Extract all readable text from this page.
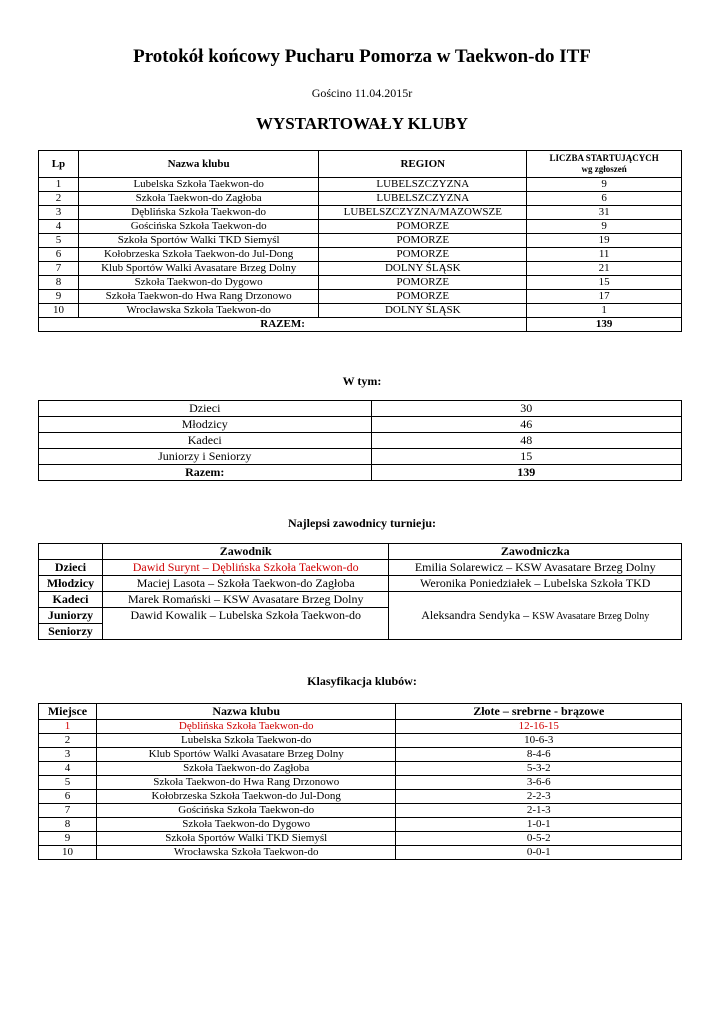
Protokół końcowy Pucharu Pomorza w Taekwon-do ITF
Gościno 11.04.2015r
WYSTARTOWAŁY KLUBY
Lp	Nazwa klubu	REGION	LICZBA STARTUJĄCYCH
wg zgłoszeń
1	Lubelska Szkoła Taekwon-do	LUBELSZCZYZNA	9
2	Szkoła Taekwon-do Zagłoba	LUBELSZCZYZNA	6
3	Dęblińska Szkoła Taekwon-do	LUBELSZCZYZNA/MAZOWSZE	31
4	Gościńska Szkoła Taekwon-do	POMORZE	9
5	Szkoła Sportów Walki TKD Siemyśl	POMORZE	19
6	Kołobrzeska Szkoła Taekwon-do Jul-Dong	POMORZE	11
7	Klub Sportów Walki Avasatare Brzeg Dolny	DOLNY ŚLĄSK	21
8	Szkoła Taekwon-do Dygowo	POMORZE	15
9	Szkoła Taekwon-do Hwa Rang Drzonowo	POMORZE	17
10	Wrocławska Szkoła Taekwon-do	DOLNY ŚLĄSK	1
RAZEM:			139
W tym:
Dzieci	30
Młodzicy	46
Kadeci	48
Juniorzy i Seniorzy	15
Razem:	139
Najlepsi zawodnicy turnieju:
	Zawodnik	Zawodniczka
Dzieci	Dawid Surynt – Dęblińska Szkoła Taekwon-do	Emilia Solarewicz – KSW Avasatare Brzeg Dolny
Młodzicy	Maciej Lasota – Szkoła Taekwon-do Zagłoba	Weronika Poniedziałek – Lubelska Szkoła TKD
Kadeci	Marek Romański – KSW Avasatare Brzeg Dolny	Aleksandra Sendyka – KSW Avasatare Brzeg Dolny
Juniorzy	Dawid Kowalik – Lubelska Szkoła Taekwon-do	
Seniorzy		
Klasyfikacja klubów:
Miejsce	Nazwa klubu	Złote – srebrne - brązowe
1	Dęblińska Szkoła Taekwon-do	12-16-15
2	Lubelska Szkoła Taekwon-do	10-6-3
3	Klub Sportów Walki Avasatare Brzeg Dolny	8-4-6
4	Szkoła Taekwon-do Zagłoba	5-3-2
5	Szkoła Taekwon-do Hwa Rang Drzonowo	3-6-6
6	Kołobrzeska Szkoła Taekwon-do Jul-Dong	2-2-3
7	Gościńska Szkoła Taekwon-do	2-1-3
8	Szkoła Taekwon-do Dygowo	1-0-1
9	Szkoła Sportów Walki TKD Siemyśl	0-5-2
10	Wrocławska Szkoła Taekwon-do	0-0-1
